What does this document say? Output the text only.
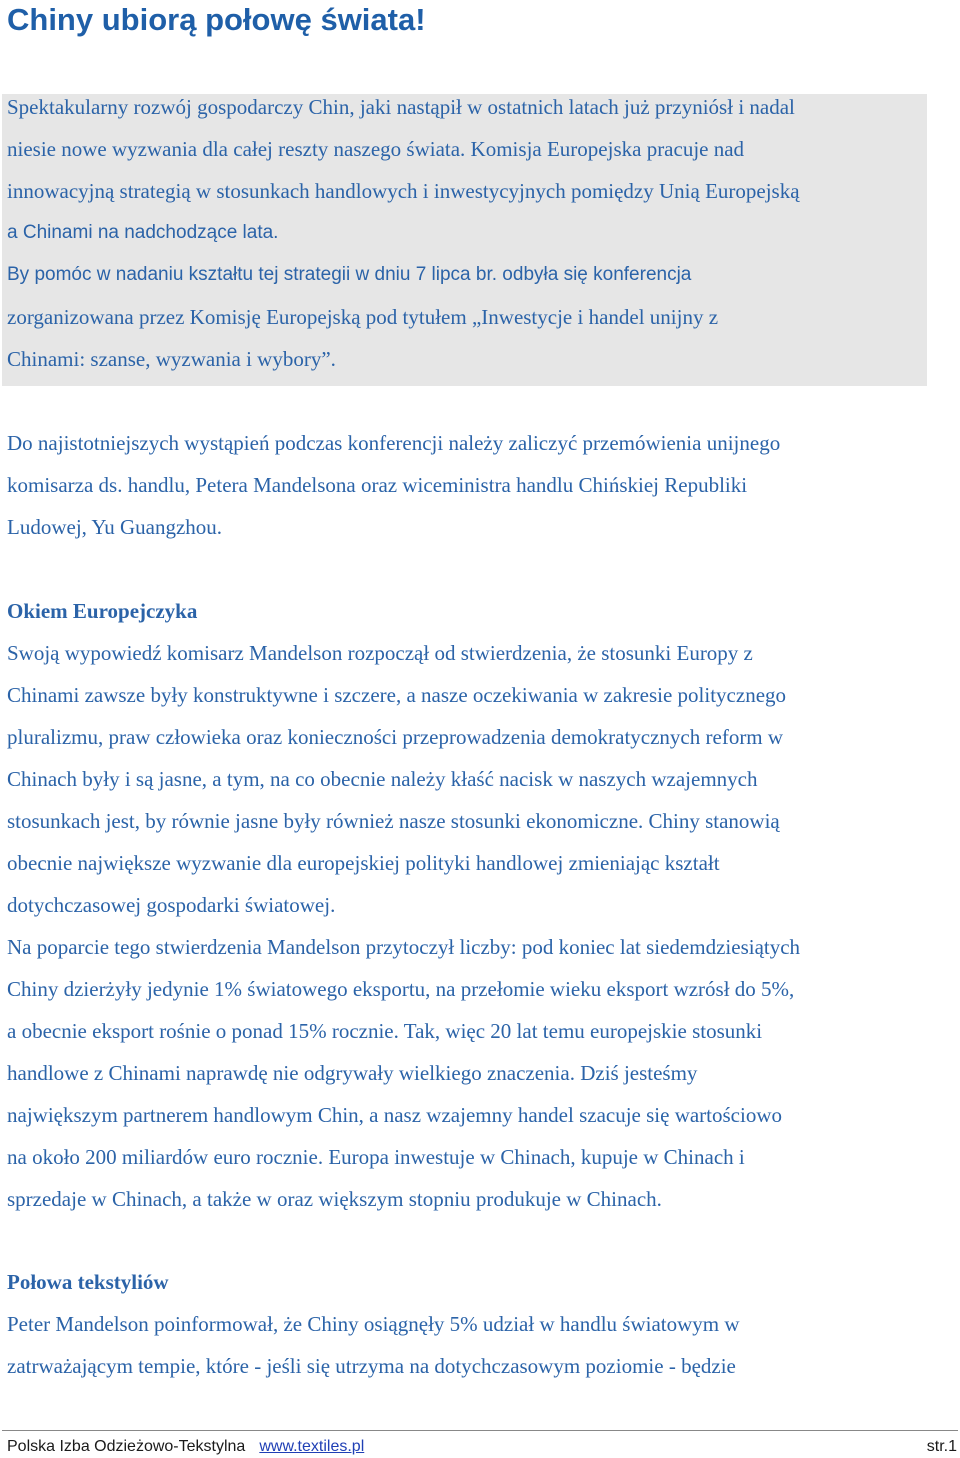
Chiny ubiorą połowę świata!

Spektakularny rozwój gospodarczy Chin, jaki nastąpił w ostatnich latach już przyniósł i nadal

niesie nowe wyzwania dla całej reszty naszego świata. Komisja Europejska pracuje nad

innowacyjną strategią w stosunkach handlowych i inwestycyjnych pomiędzy Unią Europejską

a Chinami na nadchodzące lata.

By pomóc w nadaniu kształtu tej strategii w dniu 7 lipca br. odbyła się konferencja

zorganizowana przez Komisję Europejską pod tytułem „Inwestycje i handel unijny z

Chinami: szanse, wyzwania i wybory”.

Do najistotniejszych wystąpień podczas konferencji należy zaliczyć przemówienia unijnego

komisarza ds. handlu, Petera Mandelsona oraz wiceministra handlu Chińskiej Republiki

Ludowej, Yu Guangzhou.

Okiem Europejczyka

Swoją wypowiedź komisarz Mandelson rozpoczął od stwierdzenia, że stosunki Europy z

Chinami zawsze były konstruktywne i szczere, a nasze oczekiwania w zakresie politycznego

pluralizmu, praw człowieka oraz konieczności przeprowadzenia demokratycznych reform w

Chinach były i są jasne, a tym, na co obecnie należy kłaść nacisk w naszych wzajemnych

stosunkach jest, by równie jasne były również nasze stosunki ekonomiczne. Chiny stanowią

obecnie największe wyzwanie dla europejskiej polityki handlowej zmieniając kształt

dotychczasowej gospodarki światowej.

Na poparcie tego stwierdzenia Mandelson przytoczył liczby: pod koniec lat siedemdziesiątych

Chiny dzierżyły jedynie 1% światowego eksportu, na przełomie wieku eksport wzrósł do 5%,

a obecnie eksport rośnie o ponad 15% rocznie. Tak, więc 20 lat temu europejskie stosunki

handlowe z Chinami naprawdę nie odgrywały wielkiego znaczenia. Dziś jesteśmy

największym partnerem handlowym Chin, a nasz wzajemny handel szacuje się wartościowo

na około 200 miliardów euro rocznie. Europa inwestuje w Chinach, kupuje w Chinach i

sprzedaje w Chinach, a także w oraz większym stopniu produkuje w Chinach.

Połowa tekstyliów

Peter Mandelson poinformował, że Chiny osiągnęły 5% udział w handlu światowym w

zatrważającym tempie, które - jeśli się utrzyma na dotychczasowym poziomie - będzie

Polska Izba Odzieżowo-Tekstylna www.textiles.pl	str.1
